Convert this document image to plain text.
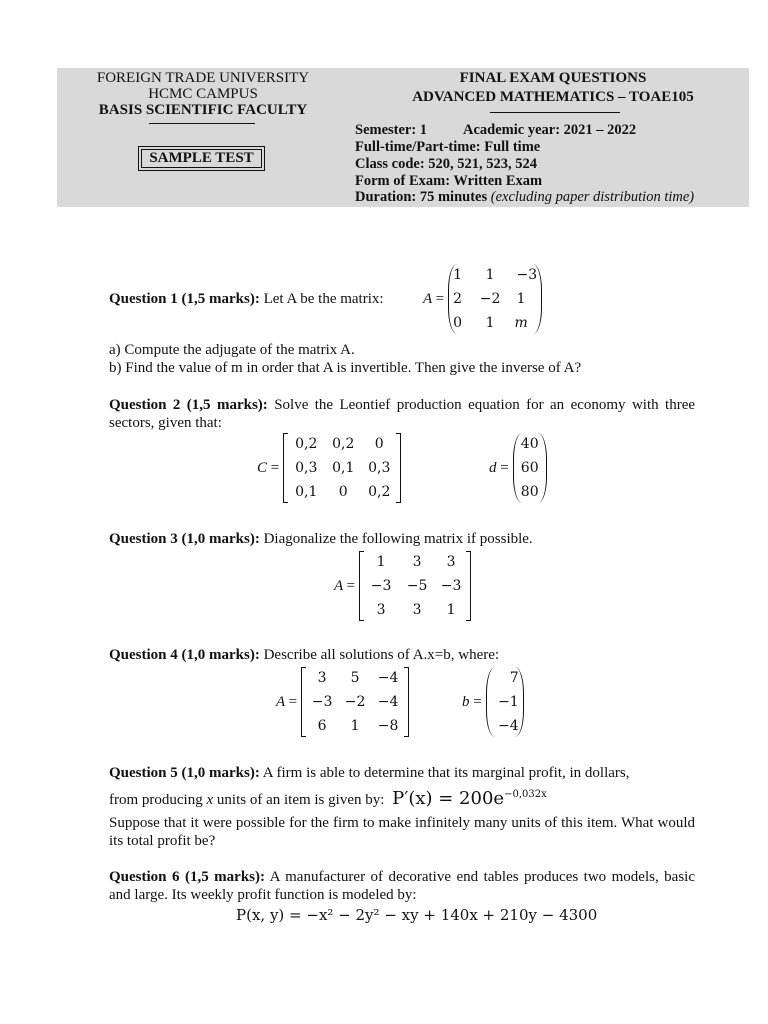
FOREIGN TRADE UNIVERSITY
HCMC CAMPUS
BASIS SCIENTIFIC FACULTY
SAMPLE TEST
FINAL EXAM QUESTIONS
ADVANCED MATHEMATICS – TOAE105
Semester: 1 Academic year: 2021 – 2022
Full-time/Part-time: Full time
Class code: 520, 521, 523, 524
Form of Exam: Written Exam
Duration: 75 minutes (excluding paper distribution time)
Question 1 (1,5 marks): Let A be the matrix:	A =
1	1	−3
2	−2	1
0	1	m
a) Compute the adjugate of the matrix A.
b) Find the value of m in order that A is invertible. Then give the inverse of A?
Question 2 (1,5 marks): Solve the Leontief production equation for an economy with three sectors, given that:
C =
0,2	0,2	0
0,3	0,1 0,3
0,1	0	0,2
d =
40
60
80
Question 3 (1,0 marks): Diagonalize the following matrix if possible.
A =
1	3	3
−3	−5 −3
3	3	1
Question 4 (1,0 marks): Describe all solutions of A.x=b, where:
A =
3	5	−4
−3 −2 −4
6	1	−8
b =
7
−1
−4
Question 5 (1,0 marks): A firm is able to determine that its marginal profit, in dollars,
from producing x units of an item is given by: $P'(x) = 200e^{-0,032x}$
Suppose that it were possible for the firm to make infinitely many units of this item. What would its total profit be?
Question 6 (1,5 marks): A manufacturer of decorative end tables produces two models, basic and large. Its weekly profit function is modeled by:
P(x, y) = −x² − 2y² − xy + 140x + 210y − 4300
